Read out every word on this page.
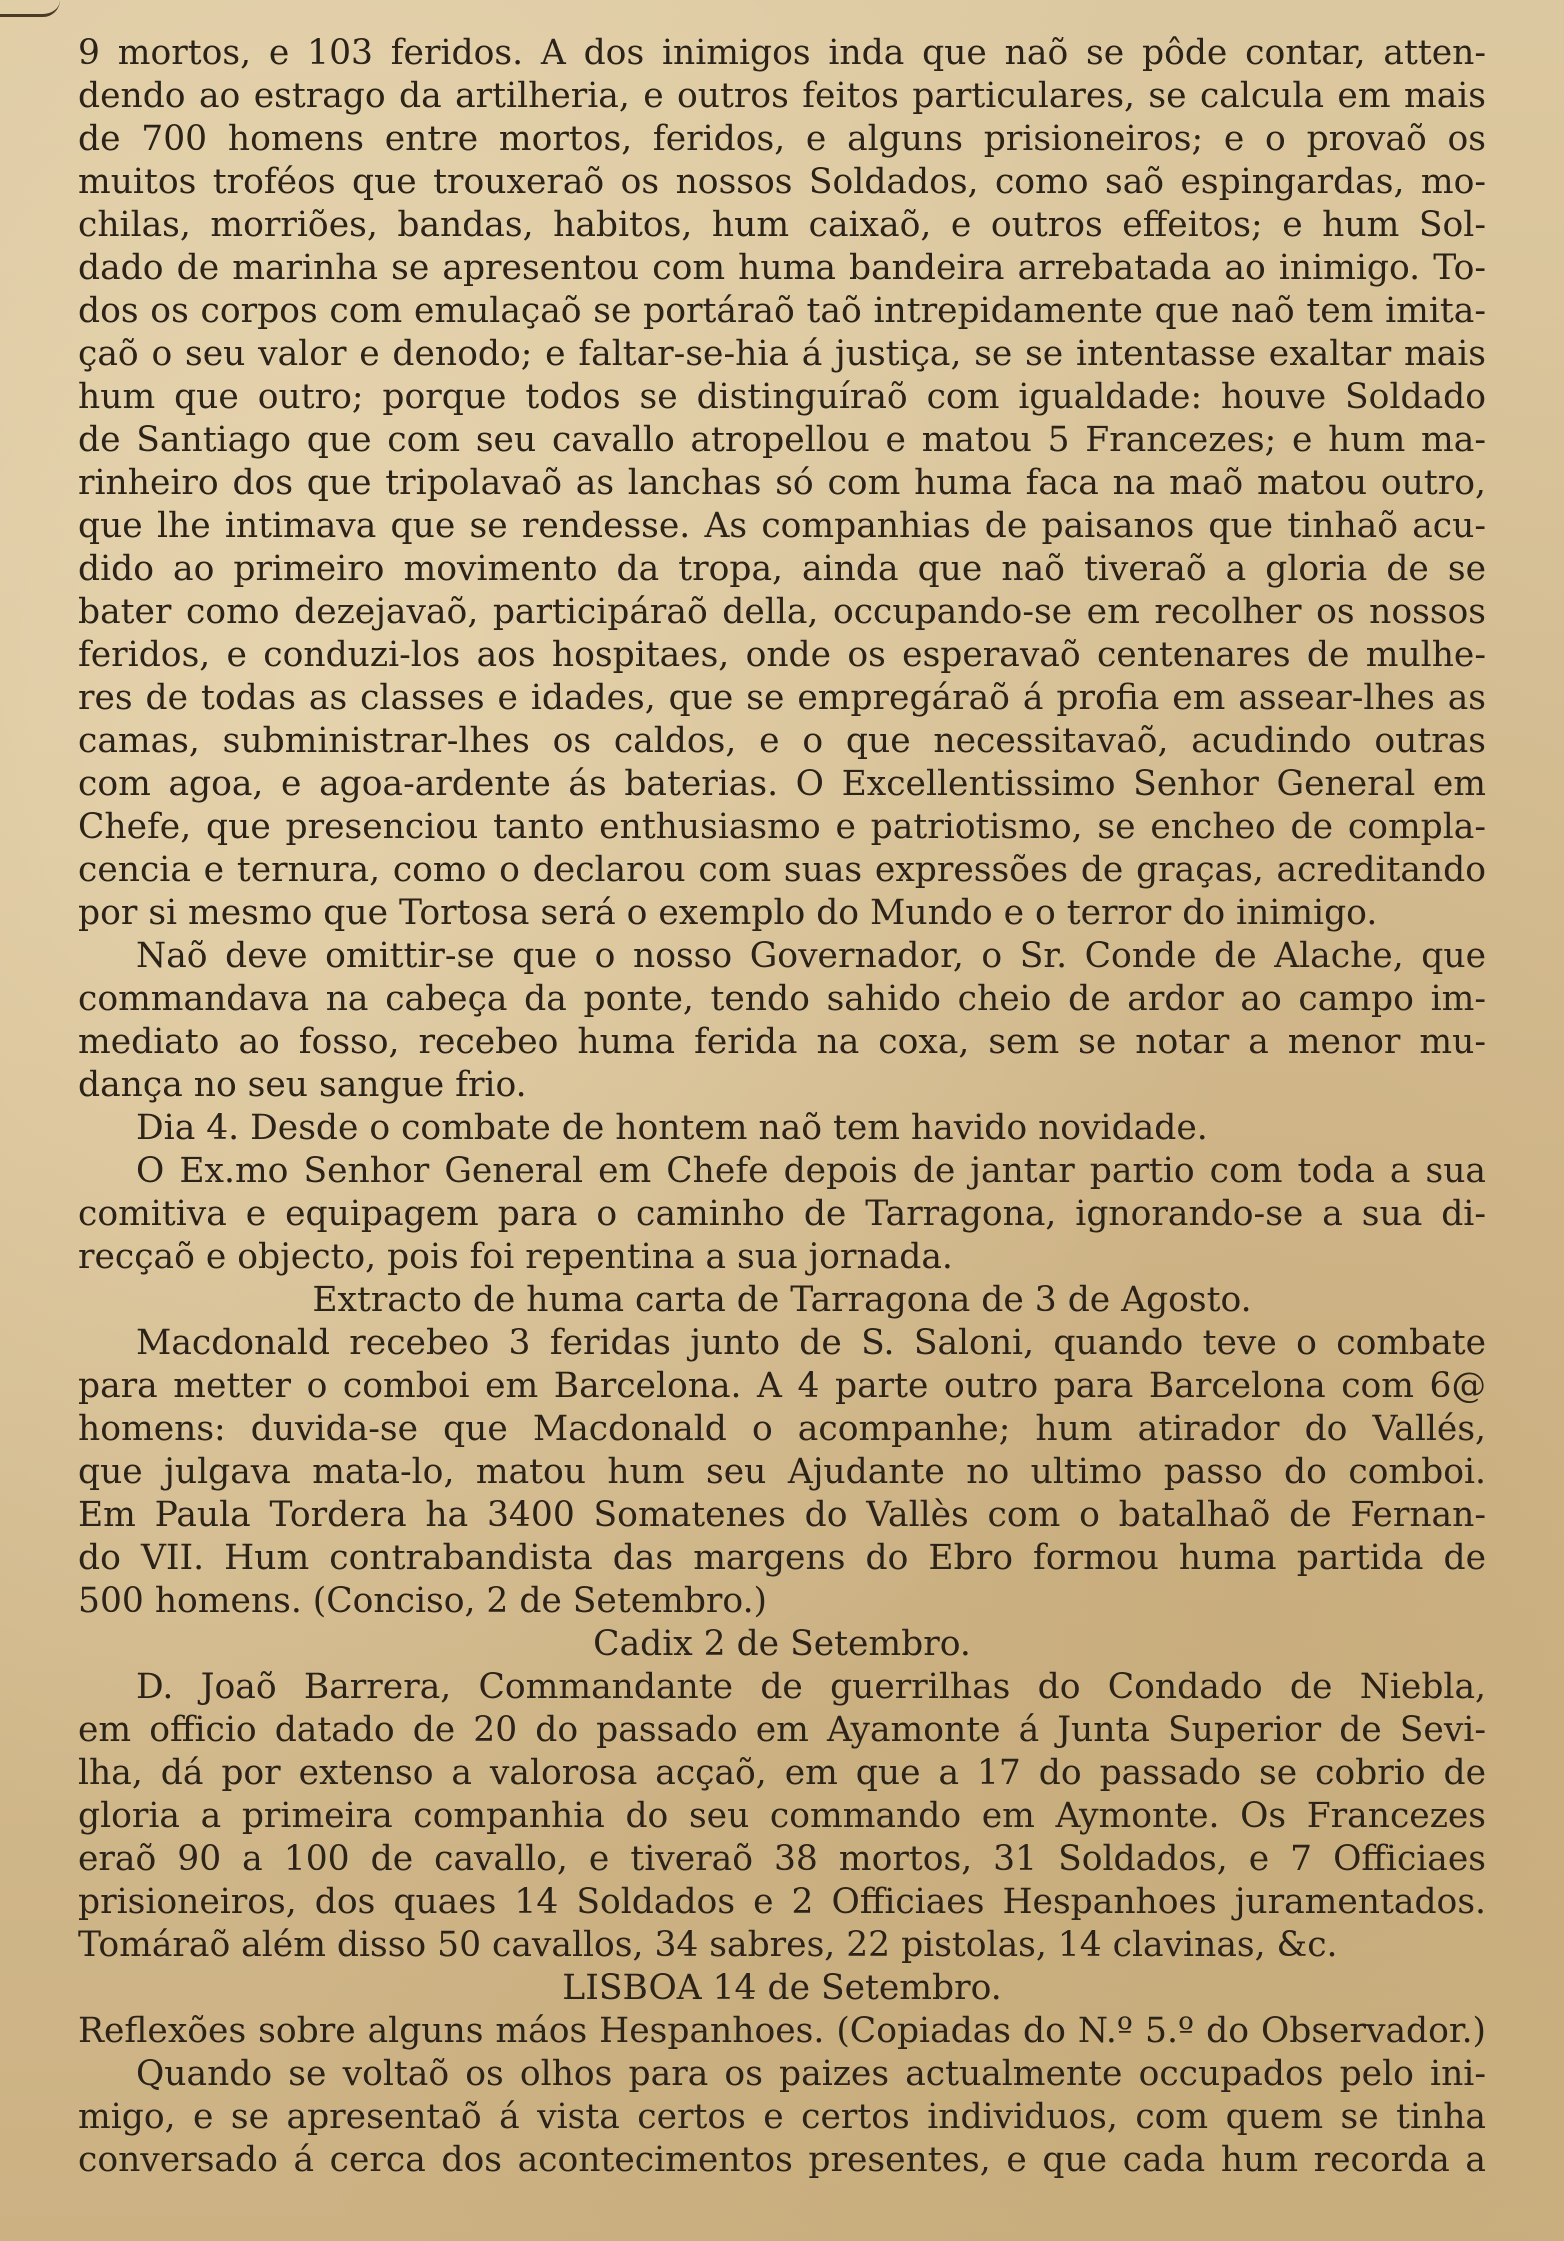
9 mortos, e 103 feridos. A dos inimigos inda que naõ se pôde contar, atten-
dendo ao estrago da artilheria, e outros feitos particulares, se calcula em mais
de 700 homens entre mortos, feridos, e alguns prisioneiros; e o provaõ os
muitos troféos que trouxeraõ os nossos Soldados, como saõ espingardas, mo-
chilas, morriões, bandas, habitos, hum caixaõ, e outros effeitos; e hum Sol-
dado de marinha se apresentou com huma bandeira arrebatada ao inimigo. To-
dos os corpos com emulaçaõ se portáraõ taõ intrepidamente que naõ tem imita-
çaõ o seu valor e denodo; e faltar-se-hia á justiça, se se intentasse exaltar mais
hum que outro; porque todos se distinguíraõ com igualdade: houve Soldado
de Santiago que com seu cavallo atropellou e matou 5 Francezes; e hum ma-
rinheiro dos que tripolavaõ as lanchas só com huma faca na maõ matou outro,
que lhe intimava que se rendesse. As companhias de paisanos que tinhaõ acu-
dido ao primeiro movimento da tropa, ainda que naõ tiveraõ a gloria de se
bater como dezejavaõ, participáraõ della, occupando-se em recolher os nossos
feridos, e conduzi-los aos hospitaes, onde os esperavaõ centenares de mulhe-
res de todas as classes e idades, que se empregáraõ á profia em assear-lhes as
camas, subministrar-lhes os caldos, e o que necessitavaõ, acudindo outras
com agoa, e agoa-ardente ás baterias. O Excellentissimo Senhor General em
Chefe, que presenciou tanto enthusiasmo e patriotismo, se encheo de compla-
cencia e ternura, como o declarou com suas expressões de graças, acreditando
por si mesmo que Tortosa será o exemplo do Mundo e o terror do inimigo.
Naõ deve omittir-se que o nosso Governador, o Sr. Conde de Alache, que
commandava na cabeça da ponte, tendo sahido cheio de ardor ao campo im-
mediato ao fosso, recebeo huma ferida na coxa, sem se notar a menor mu-
dança no seu sangue frio.
Dia 4. Desde o combate de hontem naõ tem havido novidade.
O Ex.mo Senhor General em Chefe depois de jantar partio com toda a sua
comitiva e equipagem para o caminho de Tarragona, ignorando-se a sua di-
recçaõ e objecto, pois foi repentina a sua jornada.
Extracto de huma carta de Tarragona de 3 de Agosto.
Macdonald recebeo 3 feridas junto de S. Saloni, quando teve o combate
para metter o comboi em Barcelona. A 4 parte outro para Barcelona com 6@
homens: duvida-se que Macdonald o acompanhe; hum atirador do Vallés,
que julgava mata-lo, matou hum seu Ajudante no ultimo passo do comboi.
Em Paula Tordera ha 3400 Somatenes do Vallès com o batalhaõ de Fernan-
do VII. Hum contrabandista das margens do Ebro formou huma partida de
500 homens. (Conciso, 2 de Setembro.)
Cadix 2 de Setembro.
D. Joaõ Barrera, Commandante de guerrilhas do Condado de Niebla,
em officio datado de 20 do passado em Ayamonte á Junta Superior de Sevi-
lha, dá por extenso a valorosa acçaõ, em que a 17 do passado se cobrio de
gloria a primeira companhia do seu commando em Aymonte. Os Francezes
eraõ 90 a 100 de cavallo, e tiveraõ 38 mortos, 31 Soldados, e 7 Officiaes
prisioneiros, dos quaes 14 Soldados e 2 Officiaes Hespanhoes juramentados.
Tomáraõ além disso 50 cavallos, 34 sabres, 22 pistolas, 14 clavinas, &c.
LISBOA 14 de Setembro.
Reflexões sobre alguns máos Hespanhoes. (Copiadas do N.º 5.º do Observador.)
Quando se voltaõ os olhos para os paizes actualmente occupados pelo ini-
migo, e se apresentaõ á vista certos e certos individuos, com quem se tinha
conversado á cerca dos acontecimentos presentes, e que cada hum recorda a
